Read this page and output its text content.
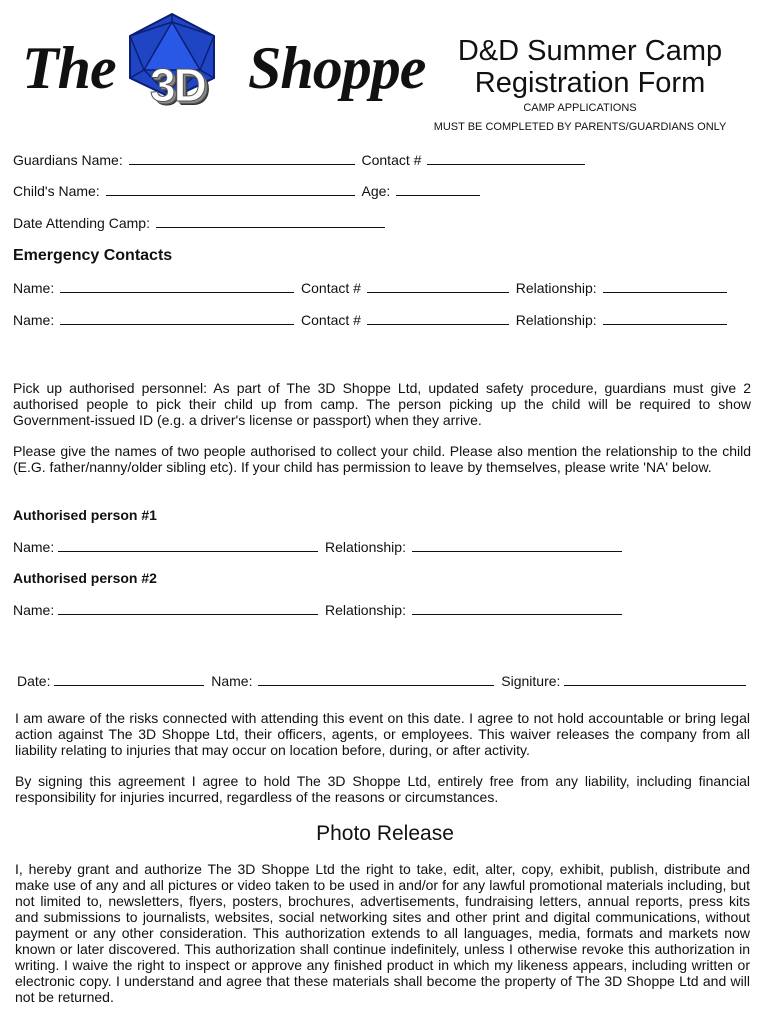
The 3D Shoppe	D&D Summer Camp
Registration Form
CAMP APPLICATIONS
MUST BE COMPLETED BY PARENTS/GUARDIANS ONLY
Guardians Name:	Contact #
Child's Name:	Age:
Date Attending Camp:
Emergency Contacts
Name:	Contact #	Relationship:
Name:	Contact #	Relationship:
Pick up authorised personnel: As part of The 3D Shoppe Ltd, updated safety procedure, guardians must give 2 authorised people to pick their child up from camp. The person picking up the child will be required to show Government-issued ID (e.g. a driver's license or passport) when they arrive.
Please give the names of two people authorised to collect your child. Please also mention the relationship to the child (E.G. father/nanny/older sibling etc). If your child has permission to leave by themselves, please write 'NA' below.
Authorised person #1
Name:	Relationship:
Authorised person #2
Name:	Relationship:
Date:	Name:	Signiture:
I am aware of the risks connected with attending this event on this date. I agree to not hold accountable or bring legal action against The 3D Shoppe Ltd, their officers, agents, or employees. This waiver releases the company from all liability relating to injuries that may occur on location before, during, or after activity.
By signing this agreement I agree to hold The 3D Shoppe Ltd, entirely free from any liability, including financial responsibility for injuries incurred, regardless of the reasons or circumstances.
Photo Release
I, hereby grant and authorize The 3D Shoppe Ltd the right to take, edit, alter, copy, exhibit, publish, distribute and make use of any and all pictures or video taken to be used in and/or for any lawful promotional materials including, but not limited to, newsletters, flyers, posters, brochures, advertisements, fundraising letters, annual reports, press kits and submissions to journalists, websites, social networking sites and other print and digital communications, without payment or any other consideration. This authorization extends to all languages, media, formats and markets now known or later discovered. This authorization shall continue indefinitely, unless I otherwise revoke this authorization in writing. I waive the right to inspect or approve any finished product in which my likeness appears, including written or electronic copy. I understand and agree that these materials shall become the property of The 3D Shoppe Ltd and will not be returned.
